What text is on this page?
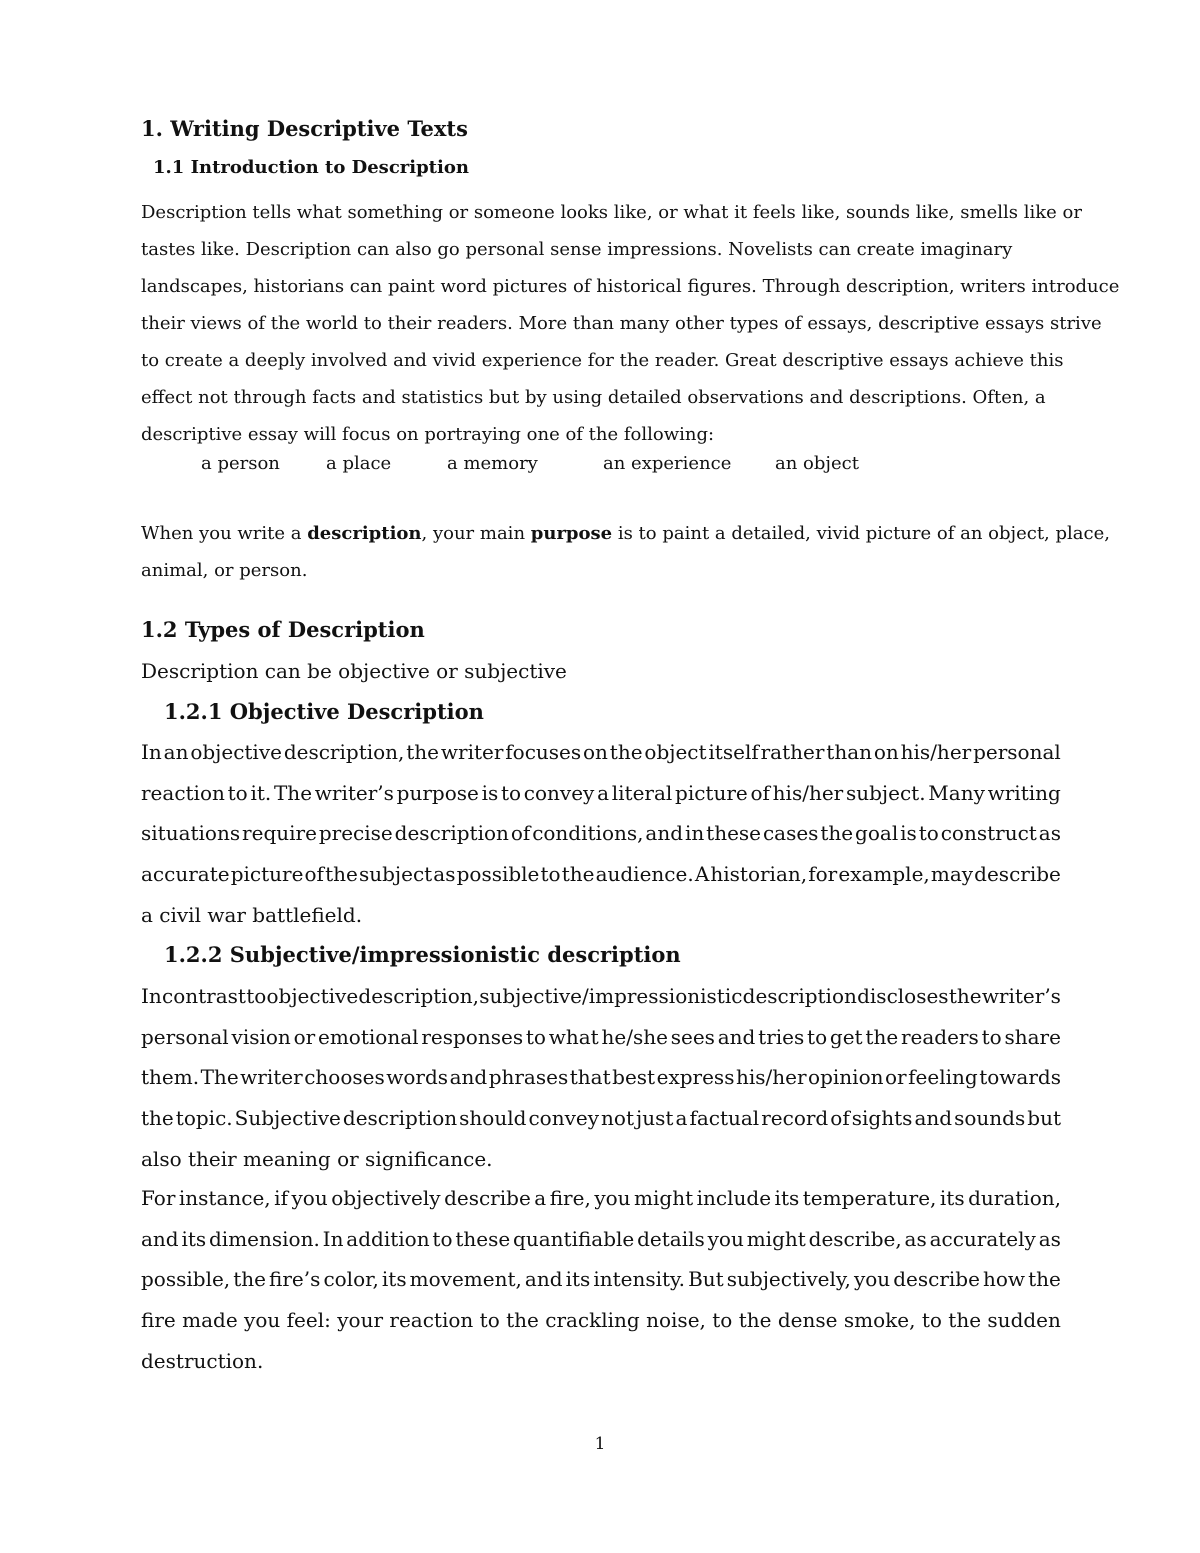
1. Writing Descriptive Texts
1.1 Introduction to Description

Description tells what something or someone looks like, or what it feels like, sounds like, smells like or
tastes like. Description can also go personal sense impressions. Novelists can create imaginary
landscapes, historians can paint word pictures of historical figures. Through description, writers introduce
their views of the world to their readers. More than many other types of essays, descriptive essays strive
to create a deeply involved and vivid experience for the reader. Great descriptive essays achieve this
effect not through facts and statistics but by using detailed observations and descriptions. Often, a
descriptive essay will focus on portraying one of the following:

a person	a place	a memory	an experience an object

When you write a description, your main purpose is to paint a detailed, vivid picture of an object, place,
animal, or person.

1.2 Types of Description

Description can be objective or subjective

1.2.1 Objective Description

In an objective description, the writer focuses on the object itself rather than on his/her personal
reaction to it. The writer’s purpose is to convey a literal picture of his/her subject. Many writing
situations require precise description of conditions, and in these cases the goal is to construct as
accurate picture of the subject as possible to the audience. A historian, for example, may describe
a civil war battlefield.

1.2.2 Subjective/impressionistic description

In contrast to objective description, subjective/impressionistic description discloses the writer’s
personal vision or emotional responses to what he/she sees and tries to get the readers to share
them. The writer chooses words and phrases that best express his/her opinion or feeling towards
the topic. Subjective description should convey not just a factual record of sights and sounds but
also their meaning or significance.

For instance, if you objectively describe a fire, you might include its temperature, its duration,
and its dimension. In addition to these quantifiable details you might describe, as accurately as
possible, the fire’s color, its movement, and its intensity. But subjectively, you describe how the
fire made you feel: your reaction to the crackling noise, to the dense smoke, to the sudden
destruction.

1
